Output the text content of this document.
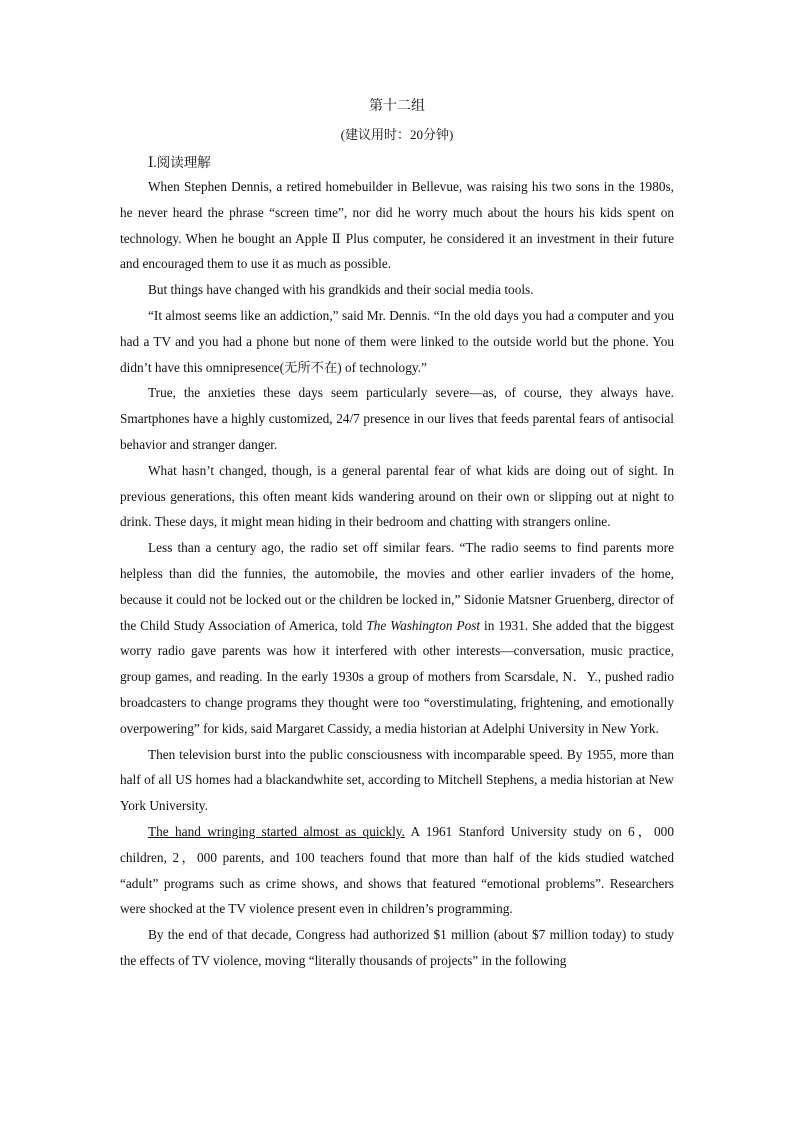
第十二组
(建议用时：20分钟)
Ⅰ.阅读理解

When Stephen Dennis, a retired homebuilder in Bellevue, was raising his two sons in the 1980s, he never heard the phrase “screen time”, nor did he worry much about the hours his kids spent on technology. When he bought an Apple Ⅱ Plus computer, he considered it an investment in their future and encouraged them to use it as much as possible.

But things have changed with his grandkids and their social media tools.

“It almost seems like an addiction,” said Mr. Dennis. “In the old days you had a computer and you had a TV and you had a phone but none of them were linked to the outside world but the phone. You didn’t have this omnipresence(无所不在) of technology.”

True, the anxieties these days seem particularly severe—as, of course, they always have. Smartphones have a highly customized, 24/7 presence in our lives that feeds parental fears of antisocial behavior and stranger danger.

What hasn’t changed, though, is a general parental fear of what kids are doing out of sight. In previous generations, this often meant kids wandering around on their own or slipping out at night to drink. These days, it might mean hiding in their bedroom and chatting with strangers online.

Less than a century ago, the radio set off similar fears. “The radio seems to find parents more helpless than did the funnies, the automobile, the movies and other earlier invaders of the home, because it could not be locked out or the children be locked in,” Sidonie Matsner Gruenberg, director of the Child Study Association of America, told The Washington Post in 1931. She added that the biggest worry radio gave parents was how it interfered with other interests—conversation, music practice, group games, and reading. In the early 1930s a group of mothers from Scarsdale, N．Y., pushed radio broadcasters to change programs they thought were too “overstimulating, frightening, and emotionally overpowering” for kids, said Margaret Cassidy, a media historian at Adelphi University in New York.

Then television burst into the public consciousness with incomparable speed. By 1955, more than half of all US homes had a blackandwhite set, according to Mitchell Stephens, a media historian at New York University.

The hand wringing started almost as quickly. A 1961 Stanford University study on 6，000 children, 2，000 parents, and 100 teachers found that more than half of the kids studied watched “adult” programs such as crime shows, and shows that featured “emotional problems”. Researchers were shocked at the TV violence present even in children’s programming.

By the end of that decade, Congress had authorized $1 million (about $7 million today) to study the effects of TV violence, moving “literally thousands of projects” in the following
